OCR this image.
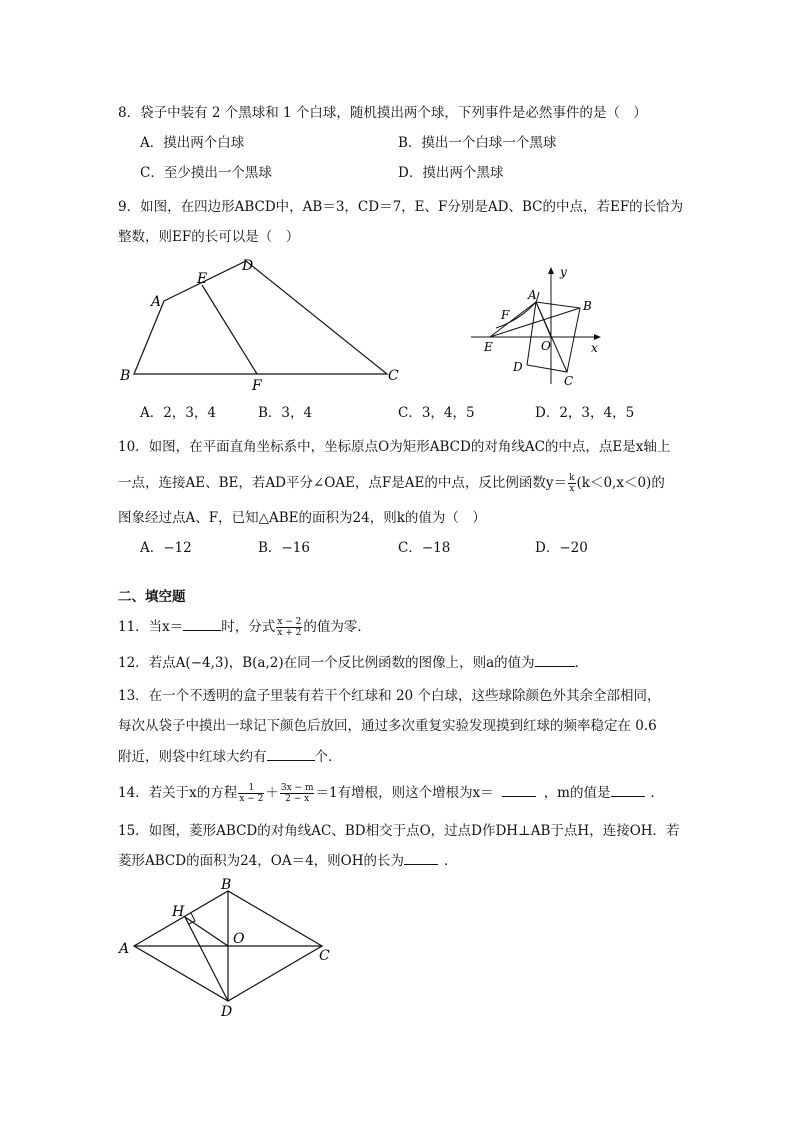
8．袋子中装有 2 个黑球和 1 个白球，随机摸出两个球，下列事件是必然事件的是（　）
A．摸出两个白球	B．摸出一个白球一个黑球
C．至少摸出一个黑球	D．摸出两个黑球
9．如图，在四边形ABCD中，AB＝3，CD＝7，E、F分别是AD、BC的中点，若EF的长恰为
整数，则EF的长可以是（　）
A
E
D
B
F
C
y
x
A
B
F
E	O
D
C
A．2，3，4	B．3，4	C．3，4，5	D．2，3，4，5
10．如图，在平面直角坐标系中，坐标原点O为矩形ABCD的对角线AC的中点，点E是x轴上
一点，连接AE、BE，若AD平分∠OAE，点F是AE的中点，反比例函数$y= \frac{k}{x} (k<0,x<0)$的
图象经过点A、F，已知△ABE的面积为24，则k的值为（　）
A．−12	B．−16	C．−18	D．−20
二、填空题
11．当x＝	时，分式 $\frac{x - 2}{x + 2}$ 的值为零．
12．若点A(−4,3)，B(a,2)在同一个反比例函数的图像上，则a的值为	．
13．在一个不透明的盒子里装有若干个红球和 20 个白球，这些球除颜色外其余全部相同，
每次从袋子中摸出一球记下颜色后放回，通过多次重复实验发现摸到红球的频率稳定在 0.6
附近，则袋中红球大约有	个．
14．若关于x的方程 $\frac{1}{x - 2} + \frac{3x - m}{2 - x} =1$有增根，则这个增根为x＝	，m的值是	．
15．如图，菱形ABCD的对角线AC、BD相交于点O，过点D作DH⊥AB于点H，连接OH．若
菱形ABCD的面积为24，OA＝4，则OH的长为	．
B
H
O
A	C
D
